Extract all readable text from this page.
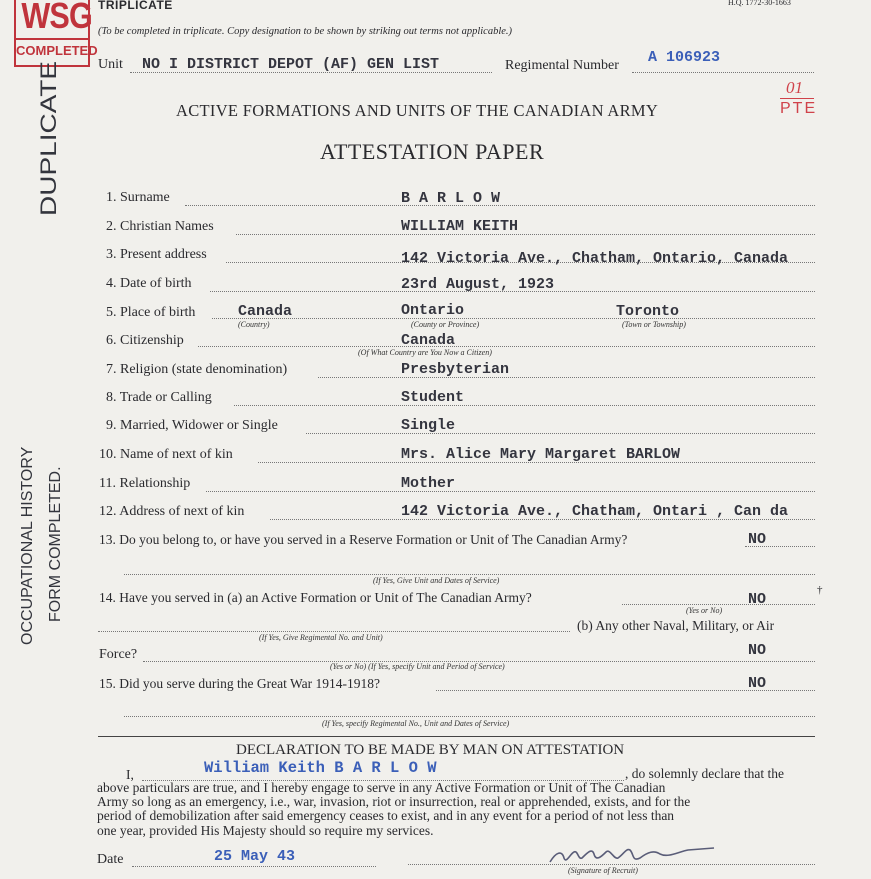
WSG
COMPLETED
TRIPLICATE	H.Q. 1772-30-1663
(To be completed in triplicate. Copy designation to be shown by striking out terms not applicable.)
Unit NO I DISTRICT DEPOT (AF) GEN LIST	Regimental Number A 106923
01
PTE
ACTIVE FORMATIONS AND UNITS OF THE CANADIAN ARMY
ATTESTATION PAPER
DUPLICATE
OCCUPATIONAL HISTORY FORM COMPLETED.
1. Surname	B A R L O W
2. Christian Names	WILLIAM KEITH
3. Present address	142 Victoria Ave., Chatham, Ontario, Canada
4. Date of birth	23rd August, 1923
5. Place of birth	Canada	Ontario	Toronto
(Country)	(County or Province)	(Town or Township)
6. Citizenship	Canada
(Of What Country are You Now a Citizen)
7. Religion (state denomination)	Presbyterian
8. Trade or Calling	Student
9. Married, Widower or Single	Single
10. Name of next of kin	Mrs. Alice Mary Margaret BARLOW
11. Relationship	Mother
12. Address of next of kin	142 Victoria Ave., Chatham, Ontari , Can da
13. Do you belong to, or have you served in a Reserve Formation or Unit of The Canadian Army?	NO
(If Yes, Give Unit and Dates of Service)
14. Have you served in (a) an Active Formation or Unit of The Canadian Army?	NO
†
(Yes or No)
(If Yes, Give Regimental No. and Unit)
(b) Any other Naval, Military, or Air
Force?	NO
(Yes or No) (If Yes, specify Unit and Period of Service)
15. Did you serve during the Great War 1914-1918?	NO
(If Yes, specify Regimental No., Unit and Dates of Service)
DECLARATION TO BE MADE BY MAN ON ATTESTATION
I,	William Keith B A R L O W	, do solemnly declare that the
above particulars are true, and I hereby engage to serve in any Active Formation or Unit of The Canadian
Army so long as an emergency, i.e., war, invasion, riot or insurrection, real or apprehended, exists, and for the
period of demobilization after said emergency ceases to exist, and in any event for a period of not less than
one year, provided His Majesty should so require my services.
Date	25 May 43
(Signature of Recruit)
